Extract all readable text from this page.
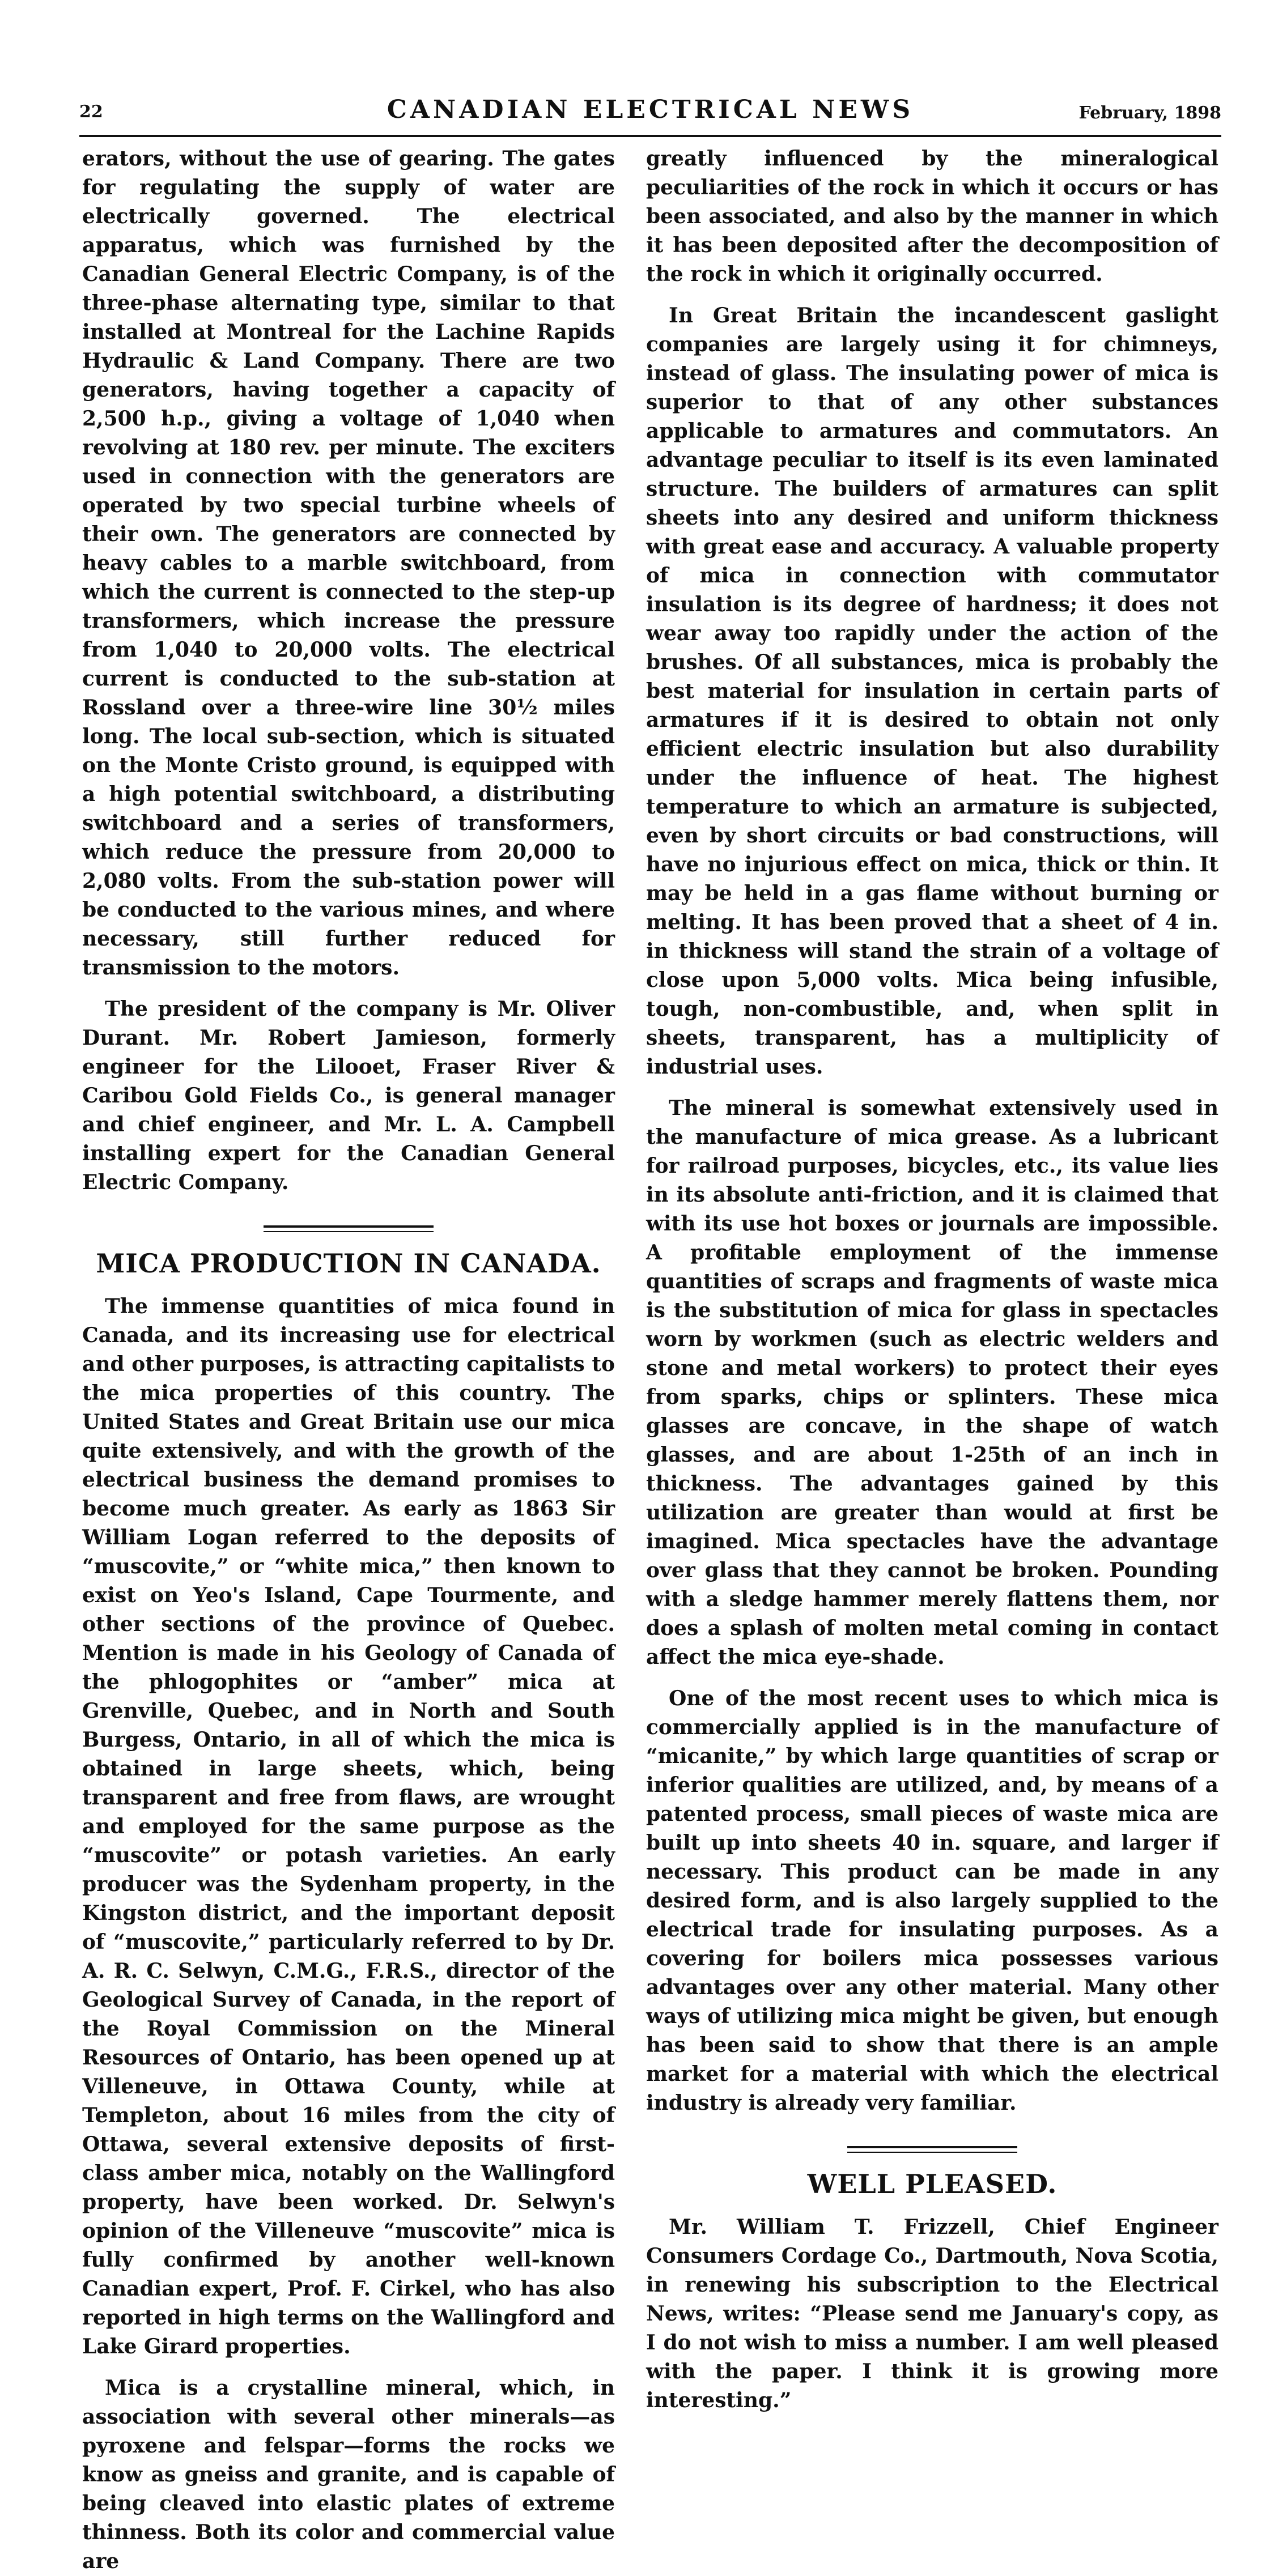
22	CANADIAN ELECTRICAL NEWS	February, 1898

erators, without the use of gearing. The gates for regulating the supply of water are electrically governed. The electrical apparatus, which was furnished by the Canadian General Electric Company, is of the three-phase alternating type, similar to that installed at Montreal for the Lachine Rapids Hydraulic & Land Company. There are two generators, having together a capacity of 2,500 h.p., giving a voltage of 1,040 when revolving at 180 rev. per minute. The exciters used in connection with the generators are operated by two special turbine wheels of their own. The generators are connected by heavy cables to a marble switchboard, from which the current is connected to the step-up transformers, which increase the pressure from 1,040 to 20,000 volts. The electrical current is conducted to the sub-station at Rossland over a three-wire line 30½ miles long. The local sub-section, which is situated on the Monte Cristo ground, is equipped with a high potential switchboard, a distributing switchboard and a series of transformers, which reduce the pressure from 20,000 to 2,080 volts. From the sub-station power will be conducted to the various mines, and where necessary, still further reduced for transmission to the motors.

The president of the company is Mr. Oliver Durant. Mr. Robert Jamieson, formerly engineer for the Lilooet, Fraser River & Caribou Gold Fields Co., is general manager and chief engineer, and Mr. L. A. Campbell installing expert for the Canadian General Electric Company.

MICA PRODUCTION IN CANADA.

The immense quantities of mica found in Canada, and its increasing use for electrical and other purposes, is attracting capitalists to the mica properties of this country. The United States and Great Britain use our mica quite extensively, and with the growth of the electrical business the demand promises to become much greater. As early as 1863 Sir William Logan referred to the deposits of “muscovite,” or “white mica,” then known to exist on Yeo's Island, Cape Tourmente, and other sections of the province of Quebec. Mention is made in his Geology of Canada of the phlogophites or “amber” mica at Grenville, Quebec, and in North and South Burgess, Ontario, in all of which the mica is obtained in large sheets, which, being transparent and free from flaws, are wrought and employed for the same purpose as the “muscovite” or potash varieties. An early producer was the Sydenham property, in the Kingston district, and the important deposit of “muscovite,” particularly referred to by Dr. A. R. C. Selwyn, C.M.G., F.R.S., director of the Geological Survey of Canada, in the report of the Royal Commission on the Mineral Resources of Ontario, has been opened up at Villeneuve, in Ottawa County, while at Templeton, about 16 miles from the city of Ottawa, several extensive deposits of first-class amber mica, notably on the Wallingford property, have been worked. Dr. Selwyn's opinion of the Villeneuve “muscovite” mica is fully confirmed by another well-known Canadian expert, Prof. F. Cirkel, who has also reported in high terms on the Wallingford and Lake Girard properties.

Mica is a crystalline mineral, which, in association with several other minerals—as pyroxene and felspar—forms the rocks we know as gneiss and granite, and is capable of being cleaved into elastic plates of extreme thinness. Both its color and commercial value are

greatly influenced by the mineralogical peculiarities of the rock in which it occurs or has been associated, and also by the manner in which it has been deposited after the decomposition of the rock in which it originally occurred.

In Great Britain the incandescent gaslight companies are largely using it for chimneys, instead of glass. The insulating power of mica is superior to that of any other substances applicable to armatures and commutators. An advantage peculiar to itself is its even laminated structure. The builders of armatures can split sheets into any desired and uniform thickness with great ease and accuracy. A valuable property of mica in connection with commutator insulation is its degree of hardness; it does not wear away too rapidly under the action of the brushes. Of all substances, mica is probably the best material for insulation in certain parts of armatures if it is desired to obtain not only efficient electric insulation but also durability under the influence of heat. The highest temperature to which an armature is subjected, even by short circuits or bad constructions, will have no injurious effect on mica, thick or thin. It may be held in a gas flame without burning or melting. It has been proved that a sheet of 4 in. in thickness will stand the strain of a voltage of close upon 5,000 volts. Mica being infusible, tough, non-combustible, and, when split in sheets, transparent, has a multiplicity of industrial uses.

The mineral is somewhat extensively used in the manufacture of mica grease. As a lubricant for railroad purposes, bicycles, etc., its value lies in its absolute anti-friction, and it is claimed that with its use hot boxes or journals are impossible. A profitable employment of the immense quantities of scraps and fragments of waste mica is the substitution of mica for glass in spectacles worn by workmen (such as electric welders and stone and metal workers) to protect their eyes from sparks, chips or splinters. These mica glasses are concave, in the shape of watch glasses, and are about 1-25th of an inch in thickness. The advantages gained by this utilization are greater than would at first be imagined. Mica spectacles have the advantage over glass that they cannot be broken. Pounding with a sledge hammer merely flattens them, nor does a splash of molten metal coming in contact affect the mica eye-shade.

One of the most recent uses to which mica is commercially applied is in the manufacture of “micanite,” by which large quantities of scrap or inferior qualities are utilized, and, by means of a patented process, small pieces of waste mica are built up into sheets 40 in. square, and larger if necessary. This product can be made in any desired form, and is also largely supplied to the electrical trade for insulating purposes. As a covering for boilers mica possesses various advantages over any other material. Many other ways of utilizing mica might be given, but enough has been said to show that there is an ample market for a material with which the electrical industry is already very familiar.

WELL PLEASED.

Mr. William T. Frizzell, Chief Engineer Consumers Cordage Co., Dartmouth, Nova Scotia, in renewing his subscription to the Electrical News, writes: “Please send me January's copy, as I do not wish to miss a number. I am well pleased with the paper. I think it is growing more interesting.”
